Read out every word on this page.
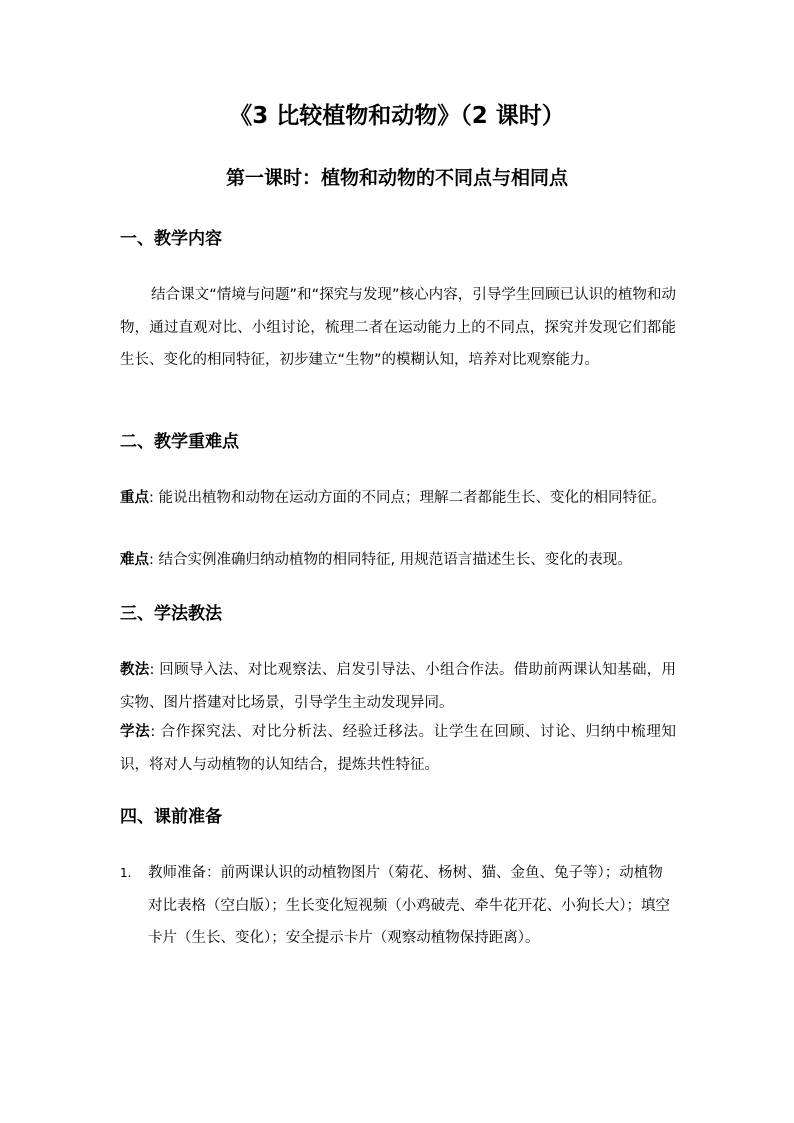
《3 比较植物和动物》（2 课时）
第一课时：植物和动物的不同点与相同点
一、教学内容
结合课文“情境与问题”和“探究与发现”核心内容，引导学生回顾已认识的植物和动物，通过直观对比、小组讨论，梳理二者在运动能力上的不同点，探究并发现它们都能生长、变化的相同特征，初步建立“生物”的模糊认知，培养对比观察能力。
二、教学重难点
重点: 能说出植物和动物在运动方面的不同点；理解二者都能生长、变化的相同特征。
难点: 结合实例准确归纳动植物的相同特征, 用规范语言描述生长、变化的表现。
三、学法教法
教法: 回顾导入法、对比观察法、启发引导法、小组合作法。借助前两课认知基础，用实物、图片搭建对比场景，引导学生主动发现异同。
学法: 合作探究法、对比分析法、经验迁移法。让学生在回顾、讨论、归纳中梳理知识，将对人与动植物的认知结合，提炼共性特征。
四、课前准备
1.	教师准备：前两课认识的动植物图片（菊花、杨树、猫、金鱼、兔子等）；动植物对比表格（空白版）；生长变化短视频（小鸡破壳、牵牛花开花、小狗长大）；填空卡片（生长、变化）；安全提示卡片（观察动植物保持距离）。
